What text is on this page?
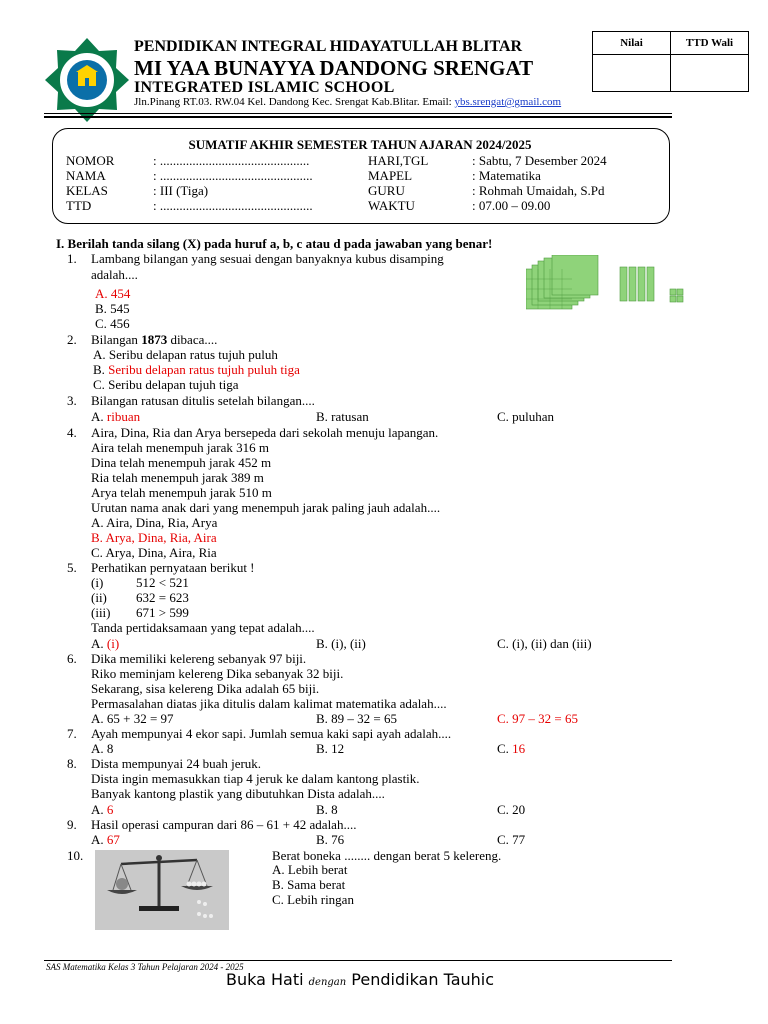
PENDIDIKAN INTEGRAL HIDAYATULLAH BLITAR
MI YAA BUNAYYA DANDONG SRENGAT
INTEGRATED ISLAMIC SCHOOL
Jln.Pinang RT.03. RW.04 Kel. Dandong Kec. Srengat Kab.Blitar. Email: ybs.srengat@gmail.com
Nilai	TTD Wali

SUMATIF AKHIR SEMESTER TAHUN AJARAN 2024/2025
NOMOR	: ..............................................
NAMA	: ...............................................
KELAS	: III (Tiga)
TTD	: ...............................................
HARI,TGL	: Sabtu, 7 Desember 2024
MAPEL	: Matematika
GURU	: Rohmah Umaidah, S.Pd
WAKTU	: 07.00 – 09.00
I. Berilah tanda silang (X) pada huruf a, b, c atau d pada jawaban yang benar!
1. Lambang bilangan yang sesuai dengan banyaknya kubus disamping
adalah....
A. 454
B. 545
C. 456
2. Bilangan 1873 dibaca....
A. Seribu delapan ratus tujuh puluh
B. Seribu delapan ratus tujuh puluh tiga
C. Seribu delapan tujuh tiga
3. Bilangan ratusan ditulis setelah bilangan....
A. ribuan	B. ratusan	C. puluhan
4. Aira, Dina, Ria dan Arya bersepeda dari sekolah menuju lapangan.
Aira telah menempuh jarak 316 m
Dina telah menempuh jarak 452 m
Ria telah menempuh jarak 389 m
Arya telah menempuh jarak 510 m
Urutan nama anak dari yang menempuh jarak paling jauh adalah....
A. Aira, Dina, Ria, Arya
B. Arya, Dina, Ria, Aira
C. Arya, Dina, Aira, Ria
5. Perhatikan pernyataan berikut !
(i)	512 < 521
(ii) 632 = 623
(iii) 671 > 599
Tanda pertidaksamaan yang tepat adalah....
A. (i)	B. (i), (ii)	C. (i), (ii) dan (iii)
6. Dika memiliki kelereng sebanyak 97 biji.
Riko meminjam kelereng Dika sebanyak 32 biji.
Sekarang, sisa kelereng Dika adalah 65 biji.
Permasalahan diatas jika ditulis dalam kalimat matematika adalah....
A. 65 + 32 = 97	B. 89 – 32 = 65	C. 97 – 32 = 65
7. Ayah mempunyai 4 ekor sapi. Jumlah semua kaki sapi ayah adalah....
A. 8	B. 12	C. 16
8. Dista mempunyai 24 buah jeruk.
Dista ingin memasukkan tiap 4 jeruk ke dalam kantong plastik.
Banyak kantong plastik yang dibutuhkan Dista adalah....
A. 6	B. 8	C. 20
9. Hasil operasi campuran dari 86 – 61 + 42 adalah....
A. 67	B. 76	C. 77
10.	Berat boneka ........ dengan berat 5 kelereng.
A. Lebih berat
B. Sama berat
C. Lebih ringan
SAS Matematika Kelas 3 Tahun Pelajaran 2024 - 2025
Buka Hati dengan Pendidikan Tauhic
